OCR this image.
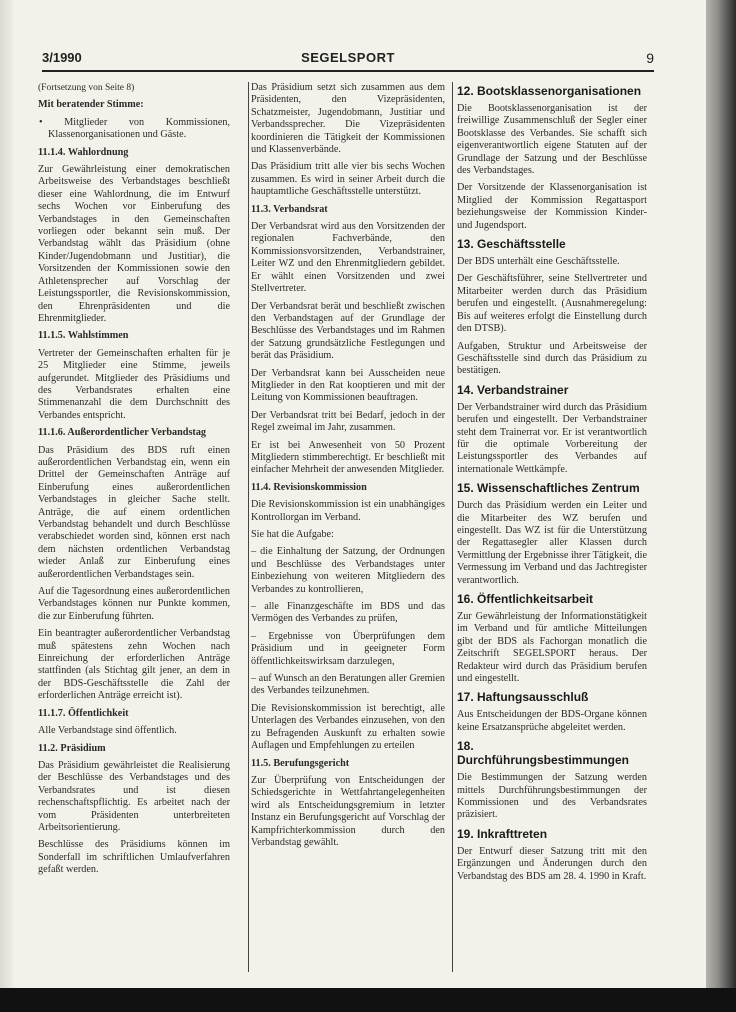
3/1990	SEGELSPORT	9

(Fortsetzung von Seite 8)

Mit beratender Stimme:

• Mitglieder von Kommissionen, Klassenorganisationen und Gäste.

11.1.4. Wahlordnung

Zur Gewährleistung einer demokratischen Arbeitsweise des Verbandstages beschließt dieser eine Wahlordnung, die im Entwurf sechs Wochen vor Einberufung des Verbandstages in den Gemeinschaften vorliegen oder bekannt sein muß. Der Verbandstag wählt das Präsidium (ohne Kinder/Jugendobmann und Justitiar), die Vorsitzenden der Kommissionen sowie den Athletensprecher auf Vorschlag der Leistungssportler, die Revisionskommission, den Ehrenpräsidenten und die Ehrenmitglieder.

11.1.5. Wahlstimmen

Vertreter der Gemeinschaften erhalten für je 25 Mitglieder eine Stimme, jeweils aufgerundet. Mitglieder des Präsidiums und des Verbandsrates erhalten eine Stimmenanzahl die dem Durchschnitt des Verbandes entspricht.

11.1.6. Außerordentlicher Verbandstag

Das Präsidium des BDS ruft einen außerordentlichen Verbandstag ein, wenn ein Drittel der Gemeinschaften Anträge auf Einberufung eines außerordentlichen Verbandstages in gleicher Sache stellt. Anträge, die auf einem ordentlichen Verbandstag behandelt und durch Beschlüsse verabschiedet worden sind, können erst nach dem nächsten ordentlichen Verbandstag wieder Anlaß zur Einberufung eines außerordentlichen Verbandstages sein.

Auf die Tagesordnung eines außerordentlichen Verbandstages können nur Punkte kommen, die zur Einberufung führten.

Ein beantragter außerordentlicher Verbandstag muß spätestens zehn Wochen nach Einreichung der erforderlichen Anträge stattfinden (als Stichtag gilt jener, an dem in der BDS-Geschäftsstelle die Zahl der erforderlichen Anträge erreicht ist).

11.1.7. Öffentlichkeit

Alle Verbandstage sind öffentlich.

11.2. Präsidium

Das Präsidium gewährleistet die Realisierung der Beschlüsse des Verbandstages und des Verbandsrates und ist diesen rechenschaftspflichtig. Es arbeitet nach der vom Präsidenten unterbreiteten Arbeitsorientierung.

Beschlüsse des Präsidiums können im Sonderfall im schriftlichen Umlaufverfahren gefaßt werden.

Das Präsidium setzt sich zusammen aus dem Präsidenten, den Vizepräsidenten, Schatzmeister, Jugendobmann, Justitiar und Verbandssprecher. Die Vizepräsidenten koordinieren die Tätigkeit der Kommissionen und Klassenverbände.

Das Präsidium tritt alle vier bis sechs Wochen zusammen. Es wird in seiner Arbeit durch die hauptamtliche Geschäftsstelle unterstützt.

11.3. Verbandsrat

Der Verbandsrat wird aus den Vorsitzenden der regionalen Fachverbände, den Kommissionsvorsitzenden, Verbandstrainer, Leiter WZ und den Ehrenmitgliedern gebildet. Er wählt einen Vorsitzenden und zwei Stellvertreter.

Der Verbandsrat berät und beschließt zwischen den Verbandstagen auf der Grundlage der Beschlüsse des Verbandstages und im Rahmen der Satzung grundsätzliche Festlegungen und berät das Präsidium.

Der Verbandsrat kann bei Ausscheiden neue Mitglieder in den Rat kooptieren und mit der Leitung von Kommissionen beauftragen.

Der Verbandsrat tritt bei Bedarf, jedoch in der Regel zweimal im Jahr, zusammen.

Er ist bei Anwesenheit von 50 Prozent Mitgliedern stimmberechtigt. Er beschließt mit einfacher Mehrheit der anwesenden Mitglieder.

11.4. Revisionskommission

Die Revisionskommission ist ein unabhängiges Kontrollorgan im Verband.

Sie hat die Aufgabe:

– die Einhaltung der Satzung, der Ordnungen und Beschlüsse des Verbandstages unter Einbeziehung von weiteren Mitgliedern des Verbandes zu kontrollieren,

– alle Finanzgeschäfte im BDS und das Vermögen des Verbandes zu prüfen,

– Ergebnisse von Überprüfungen dem Präsidium und in geeigneter Form öffentlichkeitswirksam darzulegen,

– auf Wunsch an den Beratungen aller Gremien des Verbandes teilzunehmen.

Die Revisionskommission ist berechtigt, alle Unterlagen des Verbandes einzusehen, von den zu Befragenden Auskunft zu erhalten sowie Auflagen und Empfehlungen zu erteilen

11.5. Berufungsgericht

Zur Überprüfung von Entscheidungen der Schiedsgerichte in Wettfahrtangelegenheiten wird als Entscheidungsgremium in letzter Instanz ein Berufungsgericht auf Vorschlag der Kampfrichterkommission durch den Verbandstag gewählt.

12. Bootsklassenorganisationen

Die Bootsklassenorganisation ist der freiwillige Zusammenschluß der Segler einer Bootsklasse des Verbandes. Sie schafft sich eigenverantwortlich eigene Statuten auf der Grundlage der Satzung und der Beschlüsse des Verbandstages.

Der Vorsitzende der Klassenorganisation ist Mitglied der Kommission Regattasport beziehungsweise der Kommission Kinder- und Jugendsport.

13. Geschäftsstelle

Der BDS unterhält eine Geschäftsstelle.

Der Geschäftsführer, seine Stellvertreter und Mitarbeiter werden durch das Präsidium berufen und eingestellt. (Ausnahmeregelung: Bis auf weiteres erfolgt die Einstellung durch den DTSB).

Aufgaben, Struktur und Arbeitsweise der Geschäftsstelle sind durch das Präsidium zu bestätigen.

14. Verbandstrainer

Der Verbandstrainer wird durch das Präsidium berufen und eingestellt. Der Verbandstrainer steht dem Trainerrat vor. Er ist verantwortlich für die optimale Vorbereitung der Leistungssportler des Verbandes auf internationale Wettkämpfe.

15. Wissenschaftliches Zentrum

Durch das Präsidium werden ein Leiter und die Mitarbeiter des WZ berufen und eingestellt. Das WZ ist für die Unterstützung der Regattasegler aller Klassen durch Vermittlung der Ergebnisse ihrer Tätigkeit, die Vermessung im Verband und das Jachtregister verantwortlich.

16. Öffentlichkeitsarbeit

Zur Gewährleistung der Informationstätigkeit im Verband und für amtliche Mitteilungen gibt der BDS als Fachorgan monatlich die Zeitschrift SEGELSPORT heraus. Der Redakteur wird durch das Präsidium berufen und eingestellt.

17. Haftungsausschluß

Aus Entscheidungen der BDS-Organe können keine Ersatzansprüche abgeleitet werden.

18. Durchführungsbestimmungen

Die Bestimmungen der Satzung werden mittels Durchführungsbestimmungen der Kommissionen und des Verbandsrates präzisiert.

19. Inkrafttreten

Der Entwurf dieser Satzung tritt mit den Ergänzungen und Änderungen durch den Verbandstag des BDS am 28. 4. 1990 in Kraft.
